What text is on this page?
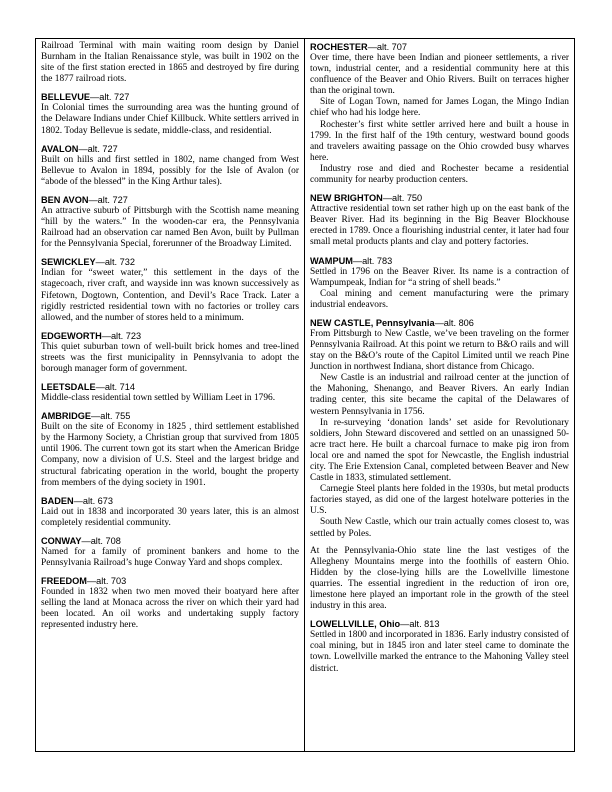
Railroad Terminal with main waiting room design by Daniel Burnham in the Italian Renaissance style, was built in 1902 on the site of the first station erected in 1865 and destroyed by fire during the 1877 railroad riots.

BELLEVUE—alt. 727

In Colonial times the surrounding area was the hunting ground of the Delaware Indians under Chief Killbuck. White settlers arrived in 1802. Today Bellevue is sedate, middle-class, and residential.

AVALON—alt. 727

Built on hills and first settled in 1802, name changed from West Bellevue to Avalon in 1894, possibly for the Isle of Avalon (or “abode of the blessed” in the King Arthur tales).

BEN AVON—alt. 727

An attractive suburb of Pittsburgh with the Scottish name meaning “hill by the waters.” In the wooden-car era, the Pennsylvania Railroad had an observation car named Ben Avon, built by Pullman for the Pennsylvania Special, forerunner of the Broadway Limited.

SEWICKLEY—alt. 732

Indian for “sweet water,” this settlement in the days of the stagecoach, river craft, and wayside inn was known successively as Fifetown, Dogtown, Contention, and Devil’s Race Track. Later a rigidly restricted residential town with no factories or trolley cars allowed, and the number of stores held to a minimum.

EDGEWORTH—alt. 723

This quiet suburban town of well-built brick homes and tree-lined streets was the first municipality in Pennsylvania to adopt the borough manager form of government.

LEETSDALE—alt. 714

Middle-class residential town settled by William Leet in 1796.

AMBRIDGE—alt. 755

Built on the site of Economy in 1825 , third settlement established by the Harmony Society, a Christian group that survived from 1805 until 1906. The current town got its start when the American Bridge Company, now a division of U.S. Steel and the largest bridge and structural fabricating operation in the world, bought the property from members of the dying society in 1901.

BADEN—alt. 673

Laid out in 1838 and incorporated 30 years later, this is an almost completely residential community.

CONWAY—alt. 708

Named for a family of prominent bankers and home to the Pennsylvania Railroad’s huge Conway Yard and shops complex.

FREEDOM—alt. 703

Founded in 1832 when two men moved their boatyard here after selling the land at Monaca across the river on which their yard had been located. An oil works and undertaking supply factory represented industry here.

ROCHESTER—alt. 707

Over time, there have been Indian and pioneer settlements, a river town, industrial center, and a residential community here at this confluence of the Beaver and Ohio Rivers. Built on terraces higher than the original town.

Site of Logan Town, named for James Logan, the Mingo Indian chief who had his lodge here.

Rochester’s first white settler arrived here and built a house in 1799. In the first half of the 19th century, westward bound goods and travelers awaiting passage on the Ohio crowded busy wharves here.

Industry rose and died and Rochester became a residential community for nearby production centers.

NEW BRIGHTON—alt. 750

Attractive residential town set rather high up on the east bank of the Beaver River. Had its beginning in the Big Beaver Blockhouse erected in 1789. Once a flourishing industrial center, it later had four small metal products plants and clay and pottery factories.

WAMPUM—alt. 783

Settled in 1796 on the Beaver River. Its name is a contraction of Wampumpeak, Indian for “a string of shell beads.”

Coal mining and cement manufacturing were the primary industrial endeavors.

NEW CASTLE, Pennsylvania—alt. 806

From Pittsburgh to New Castle, we’ve been traveling on the former Pennsylvania Railroad. At this point we return to B&O rails and will stay on the B&O’s route of the Capitol Limited until we reach Pine Junction in northwest Indiana, short distance from Chicago.

New Castle is an industrial and railroad center at the junction of the Mahoning, Shenango, and Beaver Rivers. An early Indian trading center, this site became the capital of the Delawares of western Pennsylvania in 1756.

In re-surveying ‘donation lands’ set aside for Revolutionary soldiers, John Steward discovered and settled on an unassigned 50-acre tract here. He built a charcoal furnace to make pig iron from local ore and named the spot for Newcastle, the English industrial city. The Erie Extension Canal, completed between Beaver and New Castle in 1833, stimulated settlement.

Carnegie Steel plants here folded in the 1930s, but metal products factories stayed, as did one of the largest hotelware potteries in the U.S.

South New Castle, which our train actually comes closest to, was settled by Poles.

At the Pennsylvania-Ohio state line the last vestiges of the Allegheny Mountains merge into the foothills of eastern Ohio. Hidden by the close-lying hills are the Lowellville limestone quarries. The essential ingredient in the reduction of iron ore, limestone here played an important role in the growth of the steel industry in this area.

LOWELLVILLE, Ohio—alt. 813

Settled in 1800 and incorporated in 1836. Early industry consisted of coal mining, but in 1845 iron and later steel came to dominate the town. Lowellville marked the entrance to the Mahoning Valley steel district.
